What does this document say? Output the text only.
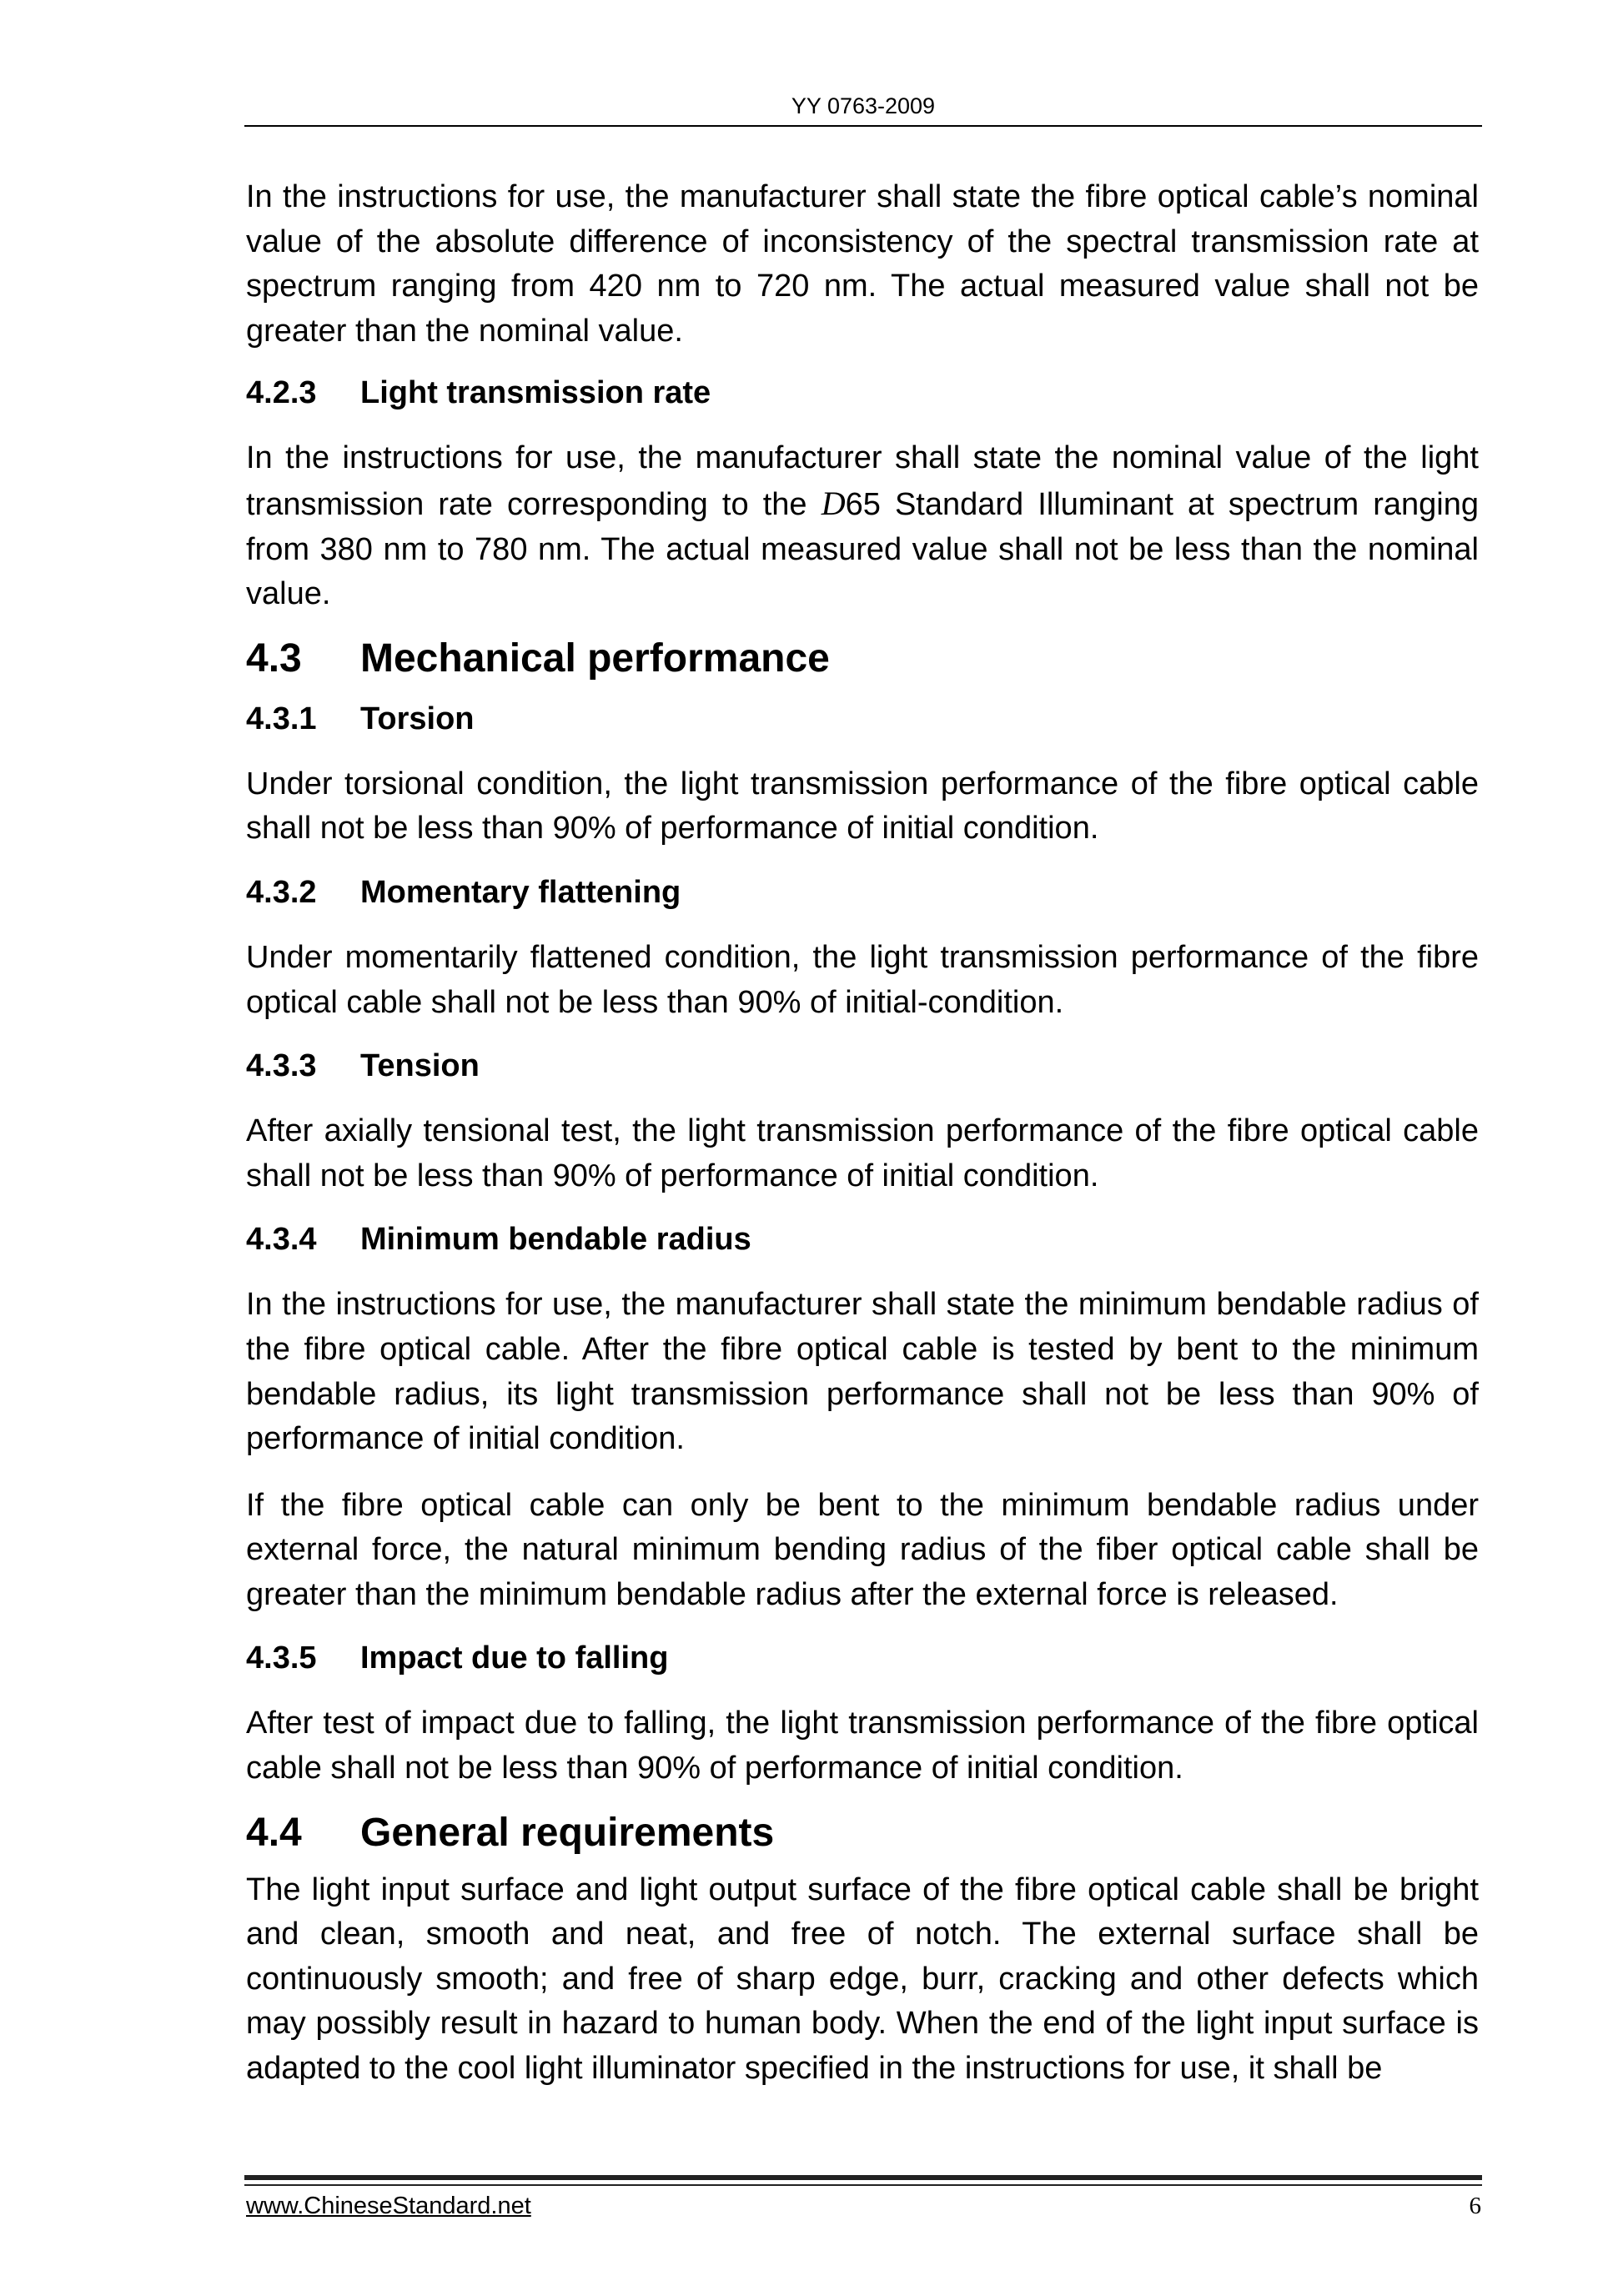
YY 0763-2009

In the instructions for use, the manufacturer shall state the fibre optical cable’s nominal value of the absolute difference of inconsistency of the spectral transmission rate at spectrum ranging from 420 nm to 720 nm. The actual measured value shall not be greater than the nominal value.

4.2.3	Light transmission rate

In the instructions for use, the manufacturer shall state the nominal value of the light transmission rate corresponding to the D65 Standard Illuminant at spectrum ranging from 380 nm to 780 nm. The actual measured value shall not be less than the nominal value.

4.3	Mechanical performance
4.3.1	Torsion

Under torsional condition, the light transmission performance of the fibre optical cable shall not be less than 90% of performance of initial condition.

4.3.2	Momentary flattening

Under momentarily flattened condition, the light transmission performance of the fibre optical cable shall not be less than 90% of initial-condition.

4.3.3	Tension

After axially tensional test, the light transmission performance of the fibre optical cable shall not be less than 90% of performance of initial condition.

4.3.4	Minimum bendable radius

In the instructions for use, the manufacturer shall state the minimum bendable radius of the fibre optical cable. After the fibre optical cable is tested by bent to the minimum bendable radius, its light transmission performance shall not be less than 90% of performance of initial condition.

If the fibre optical cable can only be bent to the minimum bendable radius under external force, the natural minimum bending radius of the fiber optical cable shall be greater than the minimum bendable radius after the external force is released.

4.3.5	Impact due to falling

After test of impact due to falling, the light transmission performance of the fibre optical cable shall not be less than 90% of performance of initial condition.

4.4	General requirements

The light input surface and light output surface of the fibre optical cable shall be bright and clean, smooth and neat, and free of notch. The external surface shall be continuously smooth; and free of sharp edge, burr, cracking and other defects which may possibly result in hazard to human body. When the end of the light input surface is adapted to the cool light illuminator specified in the instructions for use, it shall be

www.ChineseStandard.net	6
